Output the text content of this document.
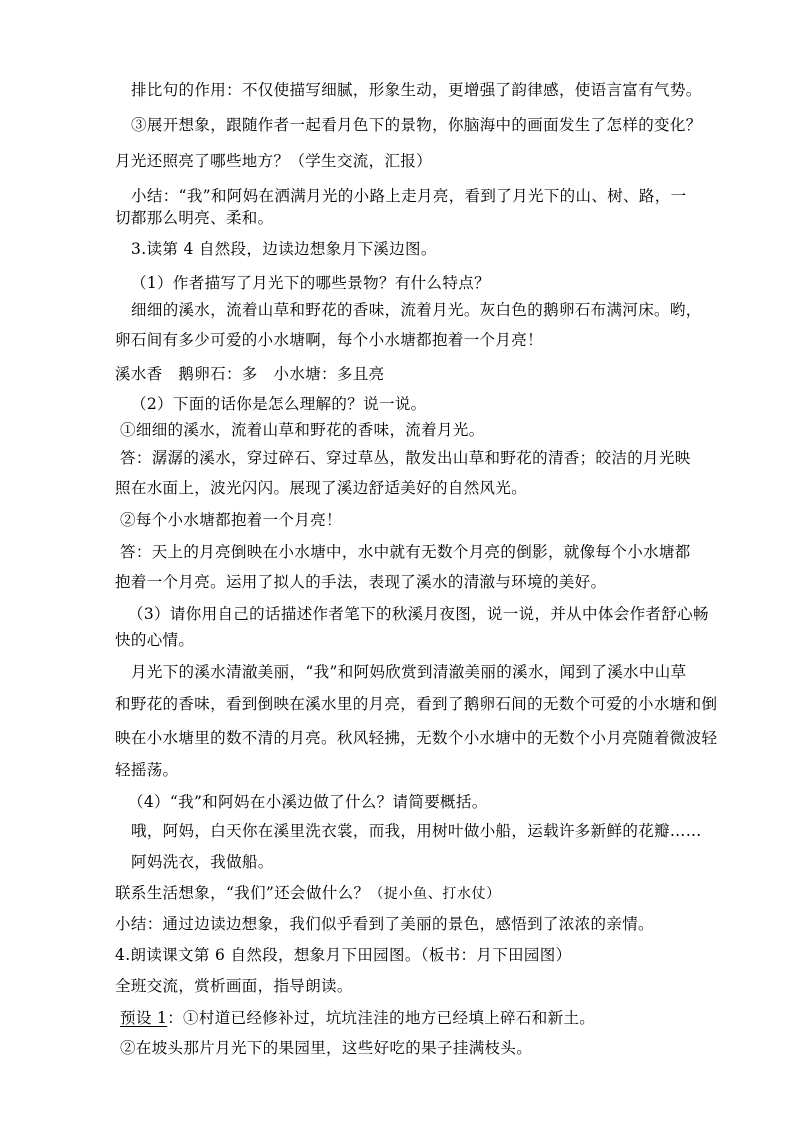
排比句的作用：不仅使描写细腻，形象生动，更增强了韵律感，使语言富有气势。
③展开想象，跟随作者一起看月色下的景物，你脑海中的画面发生了怎样的变化？
月光还照亮了哪些地方？（学生交流，汇报）
小结：“我”和阿妈在洒满月光的小路上走月亮，看到了月光下的山、树、路，一
切都那么明亮、柔和。
3.读第 4 自然段，边读边想象月下溪边图。
（1）作者描写了月光下的哪些景物？有什么特点？
细细的溪水，流着山草和野花的香味，流着月光。灰白色的鹅卵石布满河床。哟，
卵石间有多少可爱的小水塘啊，每个小水塘都抱着一个月亮！
溪水香　鹅卵石：多　小水塘：多且亮
（2）下面的话你是怎么理解的？说一说。
①细细的溪水，流着山草和野花的香味，流着月光。
答：潺潺的溪水，穿过碎石、穿过草丛，散发出山草和野花的清香；皎洁的月光映
照在水面上，波光闪闪。展现了溪边舒适美好的自然风光。
②每个小水塘都抱着一个月亮！
答：天上的月亮倒映在小水塘中，水中就有无数个月亮的倒影，就像每个小水塘都
抱着一个月亮。运用了拟人的手法，表现了溪水的清澈与环境的美好。
（3）请你用自己的话描述作者笔下的秋溪月夜图，说一说，并从中体会作者舒心畅
快的心情。
月光下的溪水清澈美丽，“我”和阿妈欣赏到清澈美丽的溪水，闻到了溪水中山草
和野花的香味，看到倒映在溪水里的月亮，看到了鹅卵石间的无数个可爱的小水塘和倒
映在小水塘里的数不清的月亮。秋风轻拂，无数个小水塘中的无数个小月亮随着微波轻
轻摇荡。
（4）“我”和阿妈在小溪边做了什么？请简要概括。
哦，阿妈，白天你在溪里洗衣裳，而我，用树叶做小船，运载许多新鲜的花瓣……
阿妈洗衣，我做船。
联系生活想象，“我们”还会做什么？（捉小鱼、打水仗）
小结：通过边读边想象，我们似乎看到了美丽的景色，感悟到了浓浓的亲情。
4.朗读课文第 6 自然段，想象月下田园图。（板书：月下田园图）
全班交流，赏析画面，指导朗读。
预设 1：①村道已经修补过，坑坑洼洼的地方已经填上碎石和新土。
②在坡头那片月光下的果园里，这些好吃的果子挂满枝头。
